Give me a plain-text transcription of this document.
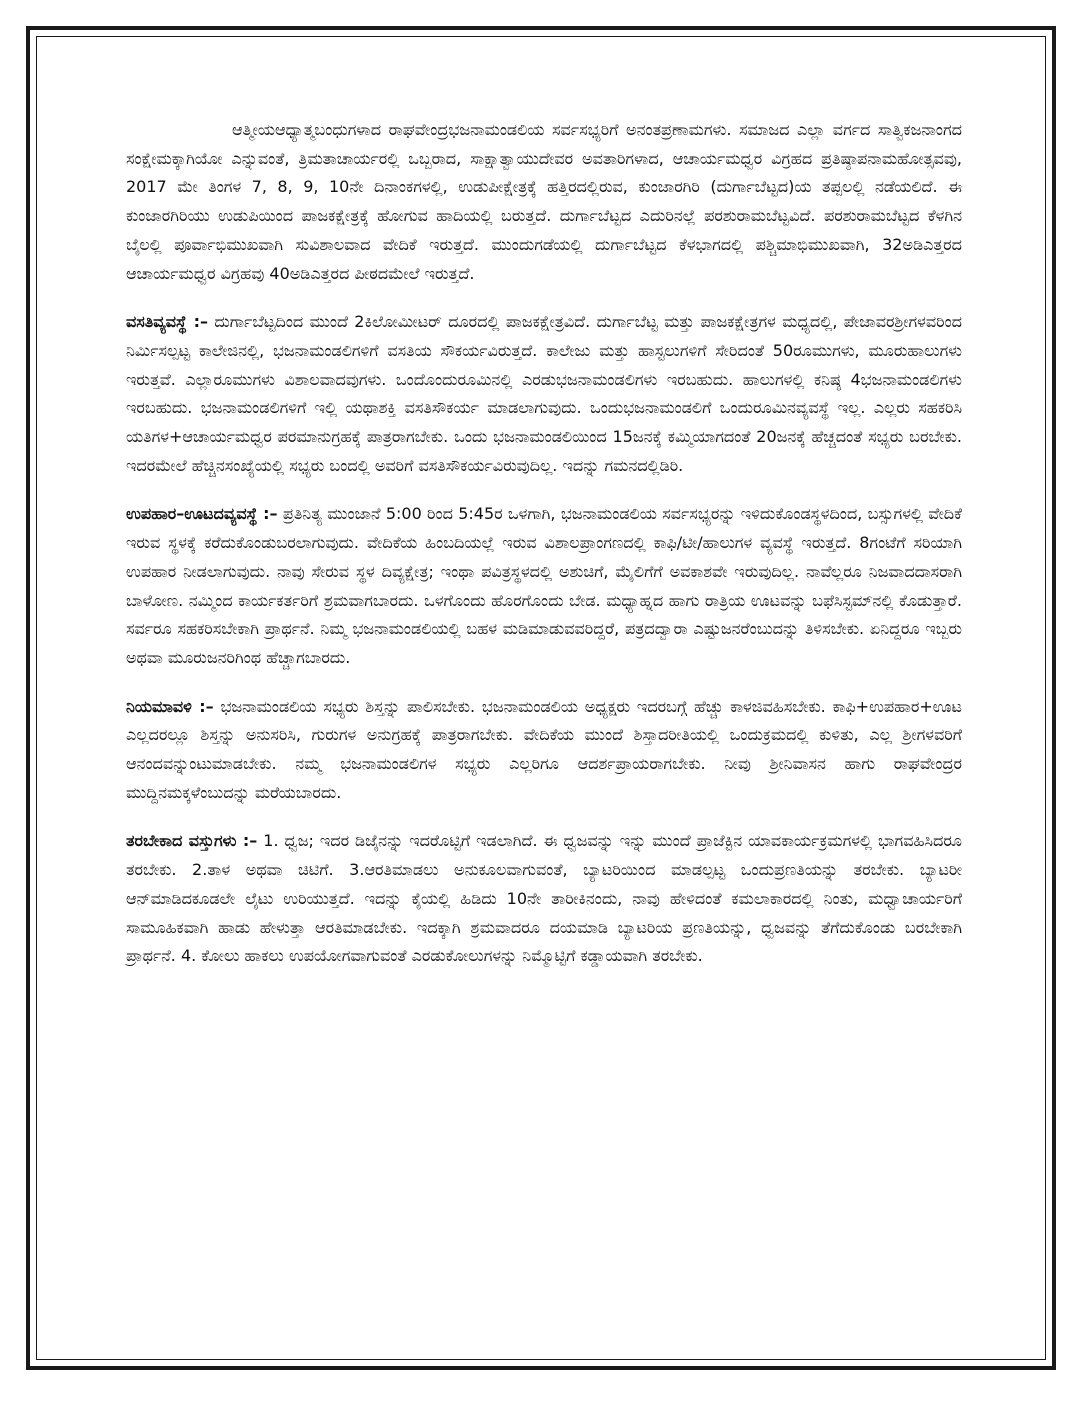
ಆತ್ಮೀಯಆಧ್ಯಾತ್ಮಬಂಧುಗಳಾದ ರಾಘವೇಂದ್ರಭಜನಾಮಂಡಲಿಯ ಸರ್ವಸಭ್ಯರಿಗೆ ಅನಂತಪ್ರಣಾಮಗಳು. ಸಮಾಜದ ಎಲ್ಲಾ ವರ್ಗದ ಸಾತ್ವಿಕಜನಾಂಗದ ಸಂಕ್ಷೇಮಕ್ಕಾಗಿಯೋ ಎನ್ನುವಂತೆ, ತ್ರಿಮತಾಚಾರ್ಯರಲ್ಲಿ ಒಬ್ಬರಾದ, ಸಾಕ್ಷಾತ್ವಾಯುದೇವರ ಅವತಾರಿಗಳಾದ, ಆಚಾರ್ಯಮಧ್ವರ ವಿಗ್ರಹದ ಪ್ರತಿಷ್ಠಾಪನಾಮಹೋತ್ಸವವು, 2017 ಮೇ ತಿಂಗಳ 7, 8, 9, 10ನೇ ದಿನಾಂಕಗಳಲ್ಲಿ, ಉಡುಪೀಕ್ಷೇತ್ರಕ್ಕೆ ಹತ್ತಿರದಲ್ಲಿರುವ, ಕುಂಜಾರಗಿರಿ (ದುರ್ಗಾಬೆಟ್ಟದ)ಯ ತಪ್ಪಲಲ್ಲಿ ನಡೆಯಲಿದೆ. ಈ ಕುಂಜಾರಗಿರಿಯು ಉಡುಪಿಯಿಂದ ಪಾಜಕಕ್ಷೇತ್ರಕ್ಕೆ ಹೋಗುವ ಹಾದಿಯಲ್ಲಿ ಬರುತ್ತದೆ. ದುರ್ಗಾಬೆಟ್ಟದ ಎದುರಿನಲ್ಲೆ ಪರಶುರಾಮಬೆಟ್ಟವಿದೆ. ಪರಶುರಾಮಬೆಟ್ಟದ ಕೆಳಗಿನ ಬೈಲಲ್ಲಿ ಪೂರ್ವಾಭಿಮುಖವಾಗಿ ಸುವಿಶಾಲವಾದ ವೇದಿಕೆ ಇರುತ್ತದೆ. ಮುಂದುಗಡೆಯಲ್ಲಿ ದುರ್ಗಾಬೆಟ್ಟದ ಕೆಳಭಾಗದಲ್ಲಿ ಪಶ್ಚಿಮಾಭಿಮುಖವಾಗಿ, 32ಅಡಿಎತ್ತರದ ಆಚಾರ್ಯಮಧ್ವರ ವಿಗ್ರಹವು 40ಅಡಿಎತ್ತರದ ಪೀಠದಮೇಲೆ ಇರುತ್ತದೆ.

ವಸತಿವ್ಯವಸ್ಥೆ :– ದುರ್ಗಾಬೆಟ್ಟದಿಂದ ಮುಂದೆ 2ಕಿಲೋಮೀಟರ್ ದೂರದಲ್ಲಿ ಪಾಜಕಕ್ಷೇತ್ರವಿದೆ. ದುರ್ಗಾಬೆಟ್ಟ ಮತ್ತು ಪಾಜಕಕ್ಷೇತ್ರಗಳ ಮಧ್ಯದಲ್ಲಿ, ಪೇಜಾವರಶ್ರೀಗಳವರಿಂದ ನಿರ್ಮಿಸಲ್ಪಟ್ಟ ಕಾಲೇಜಿನಲ್ಲಿ, ಭಜನಾಮಂಡಲಿಗಳಿಗೆ ವಸತಿಯ ಸೌಕರ್ಯವಿರುತ್ತದೆ. ಕಾಲೇಜು ಮತ್ತು ಹಾಸ್ಟಲುಗಳಿಗೆ ಸೇರಿದಂತೆ 50ರೂಮುಗಳು, ಮೂರುಹಾಲುಗಳು ಇರುತ್ತವೆ. ಎಲ್ಲಾರೂಮುಗಳು ವಿಶಾಲವಾದವುಗಳು. ಒಂದೊಂದುರೂಮಿನಲ್ಲಿ ಎರಡುಭಜನಾಮಂಡಲಿಗಳು ಇರಬಹುದು. ಹಾಲುಗಳಲ್ಲಿ ಕನಿಷ್ಠ 4ಭಜನಾಮಂಡಲಿಗಳು ಇರಬಹುದು. ಭಜನಾಮಂಡಲಿಗಳಿಗೆ ಇಲ್ಲಿ ಯಥಾಶಕ್ತಿ ವಸತಿಸೌಕರ್ಯ ಮಾಡಲಾಗುವುದು. ಒಂದುಭಜನಾಮಂಡಲಿಗೆ ಒಂದುರೂಮಿನವ್ಯವಸ್ಥೆ ಇಲ್ಲ. ಎಲ್ಲರು ಸಹಕರಿಸಿ ಯತಿಗಳ+ಆಚಾರ್ಯಮಧ್ವರ ಪರಮಾನುಗ್ರಹಕ್ಕೆ ಪಾತ್ರರಾಗಬೇಕು. ಒಂದು ಭಜನಾಮಂಡಲಿಯಿಂದ 15ಜನಕ್ಕೆ ಕಮ್ಮಿಯಾಗದಂತೆ 20ಜನಕ್ಕೆ ಹೆಚ್ಚದಂತೆ ಸಭ್ಯರು ಬರಬೇಕು. ಇದರಮೇಲೆ ಹೆಚ್ಚಿನಸಂಖ್ಯೆಯಲ್ಲಿ ಸಭ್ಯರು ಬಂದಲ್ಲಿ ಅವರಿಗೆ ವಸತಿಸೌಕರ್ಯವಿರುವುದಿಲ್ಲ. ಇದನ್ನು ಗಮನದಲ್ಲಿಡಿರಿ.

ಉಪಹಾರ–ಊಟದವ್ಯವಸ್ಥೆ :– ಪ್ರತಿನಿತ್ಯ ಮುಂಜಾನೆ 5:00 ರಿಂದ 5:45ರ ಒಳಗಾಗಿ, ಭಜನಾಮಂಡಲಿಯ ಸರ್ವಸಭ್ಯರನ್ನು ಇಳಿದುಕೊಂಡಸ್ಥಳದಿಂದ, ಬಸ್ಸುಗಳಲ್ಲಿ ವೇದಿಕೆ ಇರುವ ಸ್ಥಳಕ್ಕೆ ಕರೆದುಕೊಂಡುಬರಲಾಗುವುದು. ವೇದಿಕೆಯ ಹಿಂಬದಿಯಲ್ಲೆ ಇರುವ ವಿಶಾಲಪ್ರಾಂಗಣದಲ್ಲಿ ಕಾಫಿ/ಟೀ/ಹಾಲುಗಳ ವ್ಯವಸ್ಥೆ ಇರುತ್ತದೆ. 8ಗಂಟೆಗೆ ಸರಿಯಾಗಿ ಉಪಹಾರ ನೀಡಲಾಗುವುದು. ನಾವು ಸೇರುವ ಸ್ಥಳ ದಿವ್ಯಕ್ಷೇತ್ರ; ಇಂಥಾ ಪವಿತ್ರಸ್ಥಳದಲ್ಲಿ ಅಶುಚಿಗೆ, ಮೈಲಿಗೆಗೆ ಅವಕಾಶವೇ ಇರುವುದಿಲ್ಲ. ನಾವೆಲ್ಲರೂ ನಿಜವಾದದಾಸರಾಗಿ ಬಾಳೋಣ. ನಮ್ಮಿಂದ ಕಾರ್ಯಕರ್ತರಿಗೆ ಶ್ರಮವಾಗಬಾರದು. ಒಳಗೊಂದು ಹೊರಗೊಂದು ಬೇಡ. ಮಧ್ಯಾಹ್ನದ ಹಾಗು ರಾತ್ರಿಯ ಊಟವನ್ನು ಬಫೆಸಿಸ್ಟಮ್‌ನಲ್ಲಿ ಕೊಡುತ್ತಾರೆ. ಸರ್ವರೂ ಸಹಕರಿಸಬೇಕಾಗಿ ಪ್ರಾರ್ಥನೆ. ನಿಮ್ಮ ಭಜನಾಮಂಡಲಿಯಲ್ಲಿ ಬಹಳ ಮಡಿಮಾಡುವವರಿದ್ದರೆ, ಪತ್ರದದ್ವಾರಾ ಎಷ್ಟುಜನರೆಂಬುದನ್ನು ತಿಳಿಸಬೇಕು. ಏನಿದ್ದರೂ ಇಬ್ಬರು ಅಥವಾ ಮೂರುಜನರಿಗಿಂಥ ಹೆಚ್ಚಾಗಬಾರದು.

ನಿಯಮಾವಳಿ :– ಭಜನಾಮಂಡಲಿಯ ಸಭ್ಯರು ಶಿಸ್ತನ್ನು ಪಾಲಿಸಬೇಕು. ಭಜನಾಮಂಡಲಿಯ ಅಧ್ಯಕ್ಷರು ಇದರಬಗ್ಗೆ ಹೆಚ್ಚು ಕಾಳಜಿವಹಿಸಬೇಕು. ಕಾಫಿ+ಉಪಹಾರ+ಊಟ ಎಲ್ಲದರಲ್ಲೂ ಶಿಸ್ತನ್ನು ಅನುಸರಿಸಿ, ಗುರುಗಳ ಅನುಗ್ರಹಕ್ಕೆ ಪಾತ್ರರಾಗಬೇಕು. ವೇದಿಕೆಯ ಮುಂದೆ ಶಿಸ್ತಾದರೀತಿಯಲ್ಲಿ ಒಂದುಕ್ರಮದಲ್ಲಿ ಕುಳಿತು, ಎಲ್ಲ ಶ್ರೀಗಳವರಿಗೆ ಆನಂದವನ್ನುಂಟುಮಾಡಬೇಕು. ನಮ್ಮ ಭಜನಾಮಂಡಲಿಗಳ ಸಭ್ಯರು ಎಲ್ಲರಿಗೂ ಆದರ್ಶಪ್ರಾಯರಾಗಬೇಕು. ನೀವು ಶ್ರೀನಿವಾಸನ ಹಾಗು ರಾಘವೇಂದ್ರರ ಮುದ್ದಿನಮಕ್ಕಳೆಂಬುದನ್ನು ಮರೆಯಬಾರದು.

ತರಬೇಕಾದ ವಸ್ತುಗಳು :– 1. ಧ್ವಜ; ಇದರ ಡಿಜೈನನ್ನು ಇದರೊಟ್ಟಿಗೆ ಇಡಲಾಗಿದೆ. ಈ ಧ್ವಜವನ್ನು ಇನ್ನು ಮುಂದೆ ಪ್ರಾಜೆಕ್ಟಿನ ಯಾವಕಾರ್ಯಕ್ರಮಗಳಲ್ಲಿ ಭಾಗವಹಿಸಿದರೂ ತರಬೇಕು. 2.ತಾಳ ಅಥವಾ ಚಿಟಿಗೆ. 3.ಆರತಿಮಾಡಲು ಅನುಕೂಲವಾಗುವಂತೆ, ಬ್ಯಾಟರಿಯಿಂದ ಮಾಡಲ್ಪಟ್ಟ ಒಂದುಪ್ರಣತಿಯನ್ನು ತರಬೇಕು. ಬ್ಯಾಟರೀ ಆನ್‌ಮಾಡಿದಕೂಡಲೇ ಲೈಟು ಉರಿಯುತ್ತದೆ. ಇದನ್ನು ಕೈಯಲ್ಲಿ ಹಿಡಿದು 10ನೇ ತಾರೀಕಿನಂದು, ನಾವು ಹೇಳಿದಂತೆ ಕಮಲಾಕಾರದಲ್ಲಿ ನಿಂತು, ಮಧ್ವಾಚಾರ್ಯರಿಗೆ ಸಾಮೂಹಿಕವಾಗಿ ಹಾಡು ಹೇಳುತ್ತಾ ಆರತಿಮಾಡಬೇಕು. ಇದಕ್ಕಾಗಿ ಶ್ರಮವಾದರೂ ದಯಮಾಡಿ ಬ್ಯಾಟರಿಯ ಪ್ರಣತಿಯನ್ನು, ಧ್ವಜವನ್ನು ತೆಗೆದುಕೊಂಡು ಬರಬೇಕಾಗಿ ಪ್ರಾರ್ಥನೆ. 4. ಕೋಲು ಹಾಕಲು ಉಪಯೋಗವಾಗುವಂತೆ ಎರಡುಕೋಲುಗಳನ್ನು ನಿಮ್ಮೊಟ್ಟಿಗೆ ಕಡ್ಡಾಯವಾಗಿ ತರಬೇಕು.
